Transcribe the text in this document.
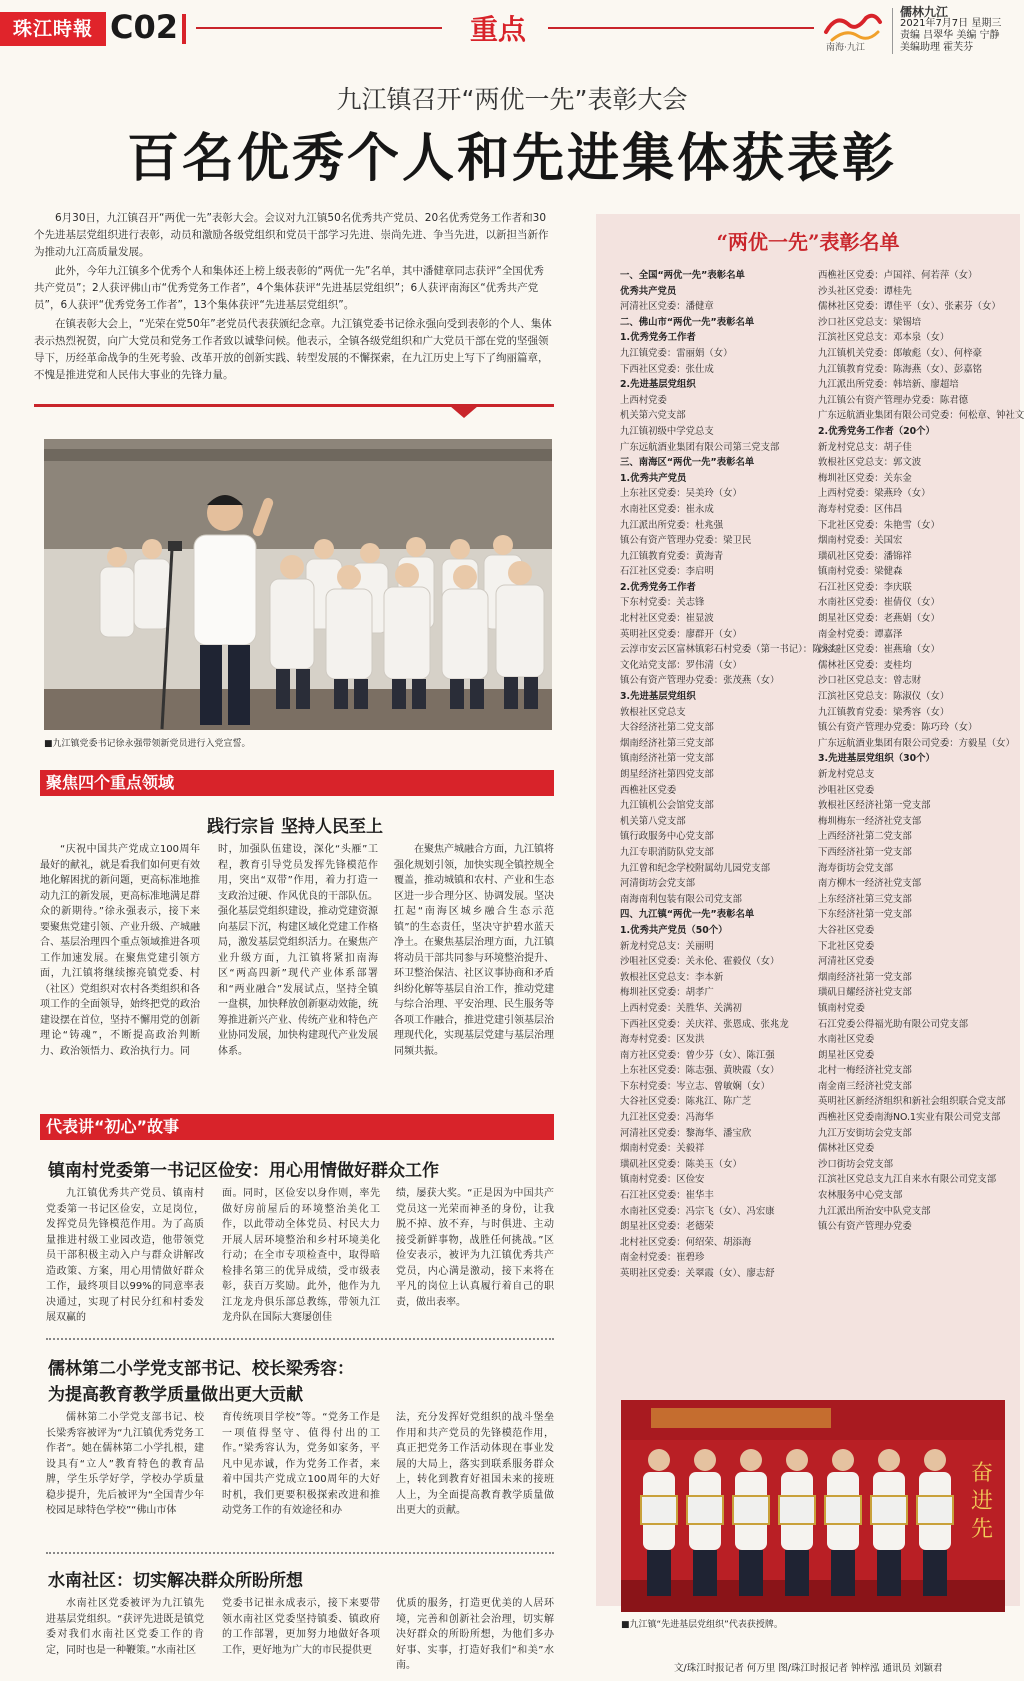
珠江時報 C02	重点
南海·九江
儒林九江
2021年7月7日 星期三
责编 吕翠华 美编 宁静
美编助理 霍芙芬
九江镇召开“两优一先”表彰大会
百名优秀个人和先进集体获表彰

6月30日，九江镇召开“两优一先”表彰大会。会议对九江镇50名优秀共产党员、20名优秀党务工作者和30个先进基层党组织进行表彰，动员和激励各级党组织和党员干部学习先进、崇尚先进、争当先进，以新担当新作为推动九江高质量发展。

此外，今年九江镇多个优秀个人和集体还上榜上级表彰的“两优一先”名单，其中潘健章同志获评“全国优秀共产党员”；2人获评佛山市“优秀党务工作者”，4个集体获评“先进基层党组织”；6人获评南海区“优秀共产党员”，6人获评“优秀党务工作者”，13个集体获评“先进基层党组织”。

在镇表彰大会上，“光荣在党50年”老党员代表获颁纪念章。九江镇党委书记徐永强向受到表彰的个人、集体表示热烈祝贺，向广大党员和党务工作者致以诚挚问候。他表示，全镇各级党组织和广大党员干部在党的坚强领导下，历经革命战争的生死考验、改革开放的创新实践、转型发展的不懈探索，在九江历史上写下了绚丽篇章，不愧是推进党和人民伟大事业的先锋力量。

■九江镇党委书记徐永强带领新党员进行入党宣誓。
聚焦四个重点领域
践行宗旨 坚持人民至上

“庆祝中国共产党成立100周年最好的献礼，就是看我们如何更有效地化解困扰的新问题，更高标准地推动九江的新发展，更高标准地满足群众的新期待。”徐永强表示，接下来要聚焦党建引领、产业升级、产城融合、基层治理四个重点领域推进各项工作加速发展。在聚焦党建引领方面，九江镇将继续擦亮镇党委、村（社区）党组织对农村各类组织和各项工作的全面领导，始终把党的政治建设摆在首位，坚持不懈用党的创新理论“铸魂”，不断提高政治判断力、政治领悟力、政治执行力。同

时，加强队伍建设，深化“头雁”工程，教育引导党员发挥先锋模范作用，突出“双带”作用，着力打造一支政治过硬、作风优良的干部队伍。强化基层党组织建设，推动党建资源向基层下沉，构建区域化党建工作格局，激发基层党组织活力。在聚焦产业升级方面，九江镇将紧扣南海区“两高四新”现代产业体系部署和“两业融合”发展试点，坚持全镇一盘棋，加快释放创新驱动效能，统筹推进新兴产业、传统产业和特色产业协同发展，加快构建现代产业发展体系。

在聚焦产城融合方面，九江镇将强化规划引领，加快实现全镇控规全覆盖，推动城镇和农村、产业和生态区进一步合理分区、协调发展。坚决扛起“南海区城乡融合生态示范镇”的生态责任，坚决守护碧水蓝天净土。在聚焦基层治理方面，九江镇将动员干部共同参与环境整治提升、环卫整治保洁、社区议事协商和矛盾纠纷化解等基层自治工作，推动党建与综合治理、平安治理、民生服务等各项工作融合，推进党建引领基层治理现代化，实现基层党建与基层治理同频共振。

代表讲“初心”故事
镇南村党委第一书记区俭安：用心用情做好群众工作

九江镇优秀共产党员、镇南村党委第一书记区俭安，立足岗位，发挥党员先锋模范作用。为了高质量推进村级工业园改造，他带领党员干部积极主动入户与群众讲解改造政策、方案，用心用情做好群众工作，最终项目以99%的同意率表决通过，实现了村民分红和村委发展双赢的

面。同时，区俭安以身作则，率先做好房前屋后的环境整治美化工作，以此带动全体党员、村民大力开展人居环境整治和乡村环境美化行动；在全市专项检查中，取得暗检排名第三的优异成绩，受市级表彰，获百万奖励。此外，他作为九江龙龙舟俱乐部总教练，带领九江龙舟队在国际大赛屡创佳

绩，屡获大奖。“正是因为中国共产党员这一光荣而神圣的身份，让我脱不掉、放不弃，与时俱进、主动接受新鲜事物，战胜任何挑战。”区俭安表示，被评为九江镇优秀共产党员，内心满是激动，接下来将在平凡的岗位上认真履行着自己的职责，做出表率。

儒林第二小学党支部书记、校长梁秀容：
为提高教育教学质量做出更大贡献

儒林第二小学党支部书记、校长梁秀容被评为“九江镇优秀党务工作者”。她在儒林第二小学扎根，建设具有“立人”教育特色的教育品牌，学生乐学好学，学校办学质量稳步提升，先后被评为“全国青少年校园足球特色学校”“佛山市体

育传统项目学校”等。“党务工作是一项值得坚守、值得付出的工作。”梁秀容认为，党务如家务，平凡中见赤诚，作为党务工作者，来着中国共产党成立100周年的大好时机，我们更要积极探索改进和推动党务工作的有效途径和办

法，充分发挥好党组织的战斗堡垒作用和共产党员的先锋模范作用，真正把党务工作活动体现在事业发展的大局上，落实到联系服务群众上，转化到教育好祖国未来的接班人上，为全面提高教育教学质量做出更大的贡献。

水南社区：切实解决群众所盼所想

水南社区党委被评为九江镇先进基层党组织。“获评先进既是镇党委对我们水南社区党委工作的肯定，同时也是一种鞭策。”水南社区

党委书记崔永成表示，接下来要带领水南社区党委坚持镇委、镇政府的工作部署，更加努力地做好各项工作，更好地为广大的市民提供更

优质的服务，打造更优美的人居环境，完善和创新社会治理，切实解决好群众的所盼所想，为他们多办好事、实事，打造好我们“和美”水南。

“两优一先”表彰名单
一、全国“两优一先”表彰名单
优秀共产党员
河清社区党委：潘健章
二、佛山市“两优一先”表彰名单
1.优秀党务工作者
九江镇党委：雷丽娟（女）
下西社区党委：张仕成
2.先进基层党组织
上西村党委
机关第六党支部
九江镇初级中学党总支
广东远航酒业集团有限公司第三党支部
三、南海区“两优一先”表彰名单
1.优秀共产党员
上东社区党委：吴美玲（女）
水南社区党委：崔永成
九江派出所党委：杜兆强
镇公有资产管理办党委：梁卫民
九江镇教育党委：黄海青
石江社区党委：李启明
2.优秀党务工作者
下东村党委：关志锋
北村社区党委：崔显波
英明社区党委：廖群开（女）
云淳市安云区富林镇彩石村党委（第一书记）：陈永红
文化站党支部：罗伟清（女）
镇公有资产管理办党委：张茂燕（女）
3.先进基层党组织
敦根社区党总支
大谷经济社第二党支部
烟南经济社第三党支部
镇南经济社第一党支部
朗星经济社第四党支部
西樵社区党委
九江镇机公会馆党支部
机关第八党支部
镇行政服务中心党支部
九江专职消防队党支部
九江曾和纪念学校附属幼儿园党支部
河清街坊会党支部
南海南利包装有限公司党支部
四、九江镇“两优一先”表彰名单
1.优秀共产党员（50个）
新龙村党总支：关丽明
沙咀社区党委：关永伦、霍毅仪（女）
敦根社区党总支：李本新
梅圳社区党委：胡孝广
上西村党委：关胜华、关满初
下西社区党委：关庆祥、张恩成、张兆龙
海寿村党委：区发洪
南方社区党委：曾少芬（女）、陈江强
上东社区党委：陈志强、黄映霞（女）
下东村党委：岑立志、曾敏娴（女）
大谷社区党委：陈兆江、陈广芝
九江社区党委：冯海华
河清社区党委：黎海华、潘宝欣
烟南村党委：关毅祥
璜矶社区党委：陈美玉（女）
镇南村党委：区俭安
石江社区党委：崔华丰
水南社区党委：冯宗飞（女）、冯宏康
朗星社区党委：老德荣
北村社区党委：何绍荣、胡添海
南金村党委：崔碧珍
英明社区党委：关翠霞（女）、廖志舒
西樵社区党委：卢国祥、何若萍（女）
沙头社区党委：谭桂先
儒林社区党委：谭佳平（女）、张素芬（女）
沙口社区党总支：梁锡培
江滨社区党总支：邓本泉（女）
九江镇机关党委：郎敏彪（女）、何梓豪
九江镇教育党委：陈海燕（女）、彭嘉铭
九江派出所党委：韩培新、廖超培
九江镇公有资产管理办党委：陈君德
广东远航酒业集团有限公司党委：何松章、钟社文
2.优秀党务工作者（20个）
新龙村党总支：胡子佳
敦根社区党总支：郭文波
梅圳社区党委：关东金
上西村党委：梁燕玲（女）
海寿村党委：区伟昌
下北社区党委：朱艳雪（女）
烟南村党委：关国宏
璜矶社区党委：潘锦祥
镇南村党委：梁健森
石江社区党委：李庆联
水南社区党委：崔倩仪（女）
朗星社区党委：老燕娟（女）
南金村党委：谭嘉泽
沙头社区党委：崔燕瑜（女）
儒林社区党委：麦桂均
沙口社区党总支：曾志财
江滨社区党总支：陈淑仪（女）
九江镇教育党委：梁秀容（女）
镇公有资产管理办党委：陈巧玲（女）
广东远航酒业集团有限公司党委：方毅星（女）
3.先进基层党组织（30个）
新龙村党总支
沙咀社区党委
敦根社区经济社第一党支部
梅圳梅东一经济社党支部
上西经济社第二党支部
下西经济社第一党支部
海寿街坊会党支部
南方柳木一经济社党支部
上东经济社第三党支部
下东经济社第一党支部
大谷社区党委
下北社区党委
河清社区党委
烟南经济社第一党支部
璜矶日耀经济社党支部
镇南村党委
石江党委公得福光助有限公司党支部
水南社区党委
朗星社区党委
北村一梅经济社党支部
南金南三经济社党支部
英明社区新经济组织和新社会组织联合党支部
西樵社区党委南海NO.1实业有限公司党支部
九江万安街坊会党支部
儒林社区党委
沙口街坊会党支部
江滨社区党总支九江自来水有限公司党支部
农林服务中心党支部
九江派出所治安中队党支部
镇公有资产管理办党委
奋
进
先
■九江镇“先进基层党组织”代表获授牌。
文/珠江时报记者 何万里 图/珠江时报记者 钟梓泓 通讯员 刘颖君
